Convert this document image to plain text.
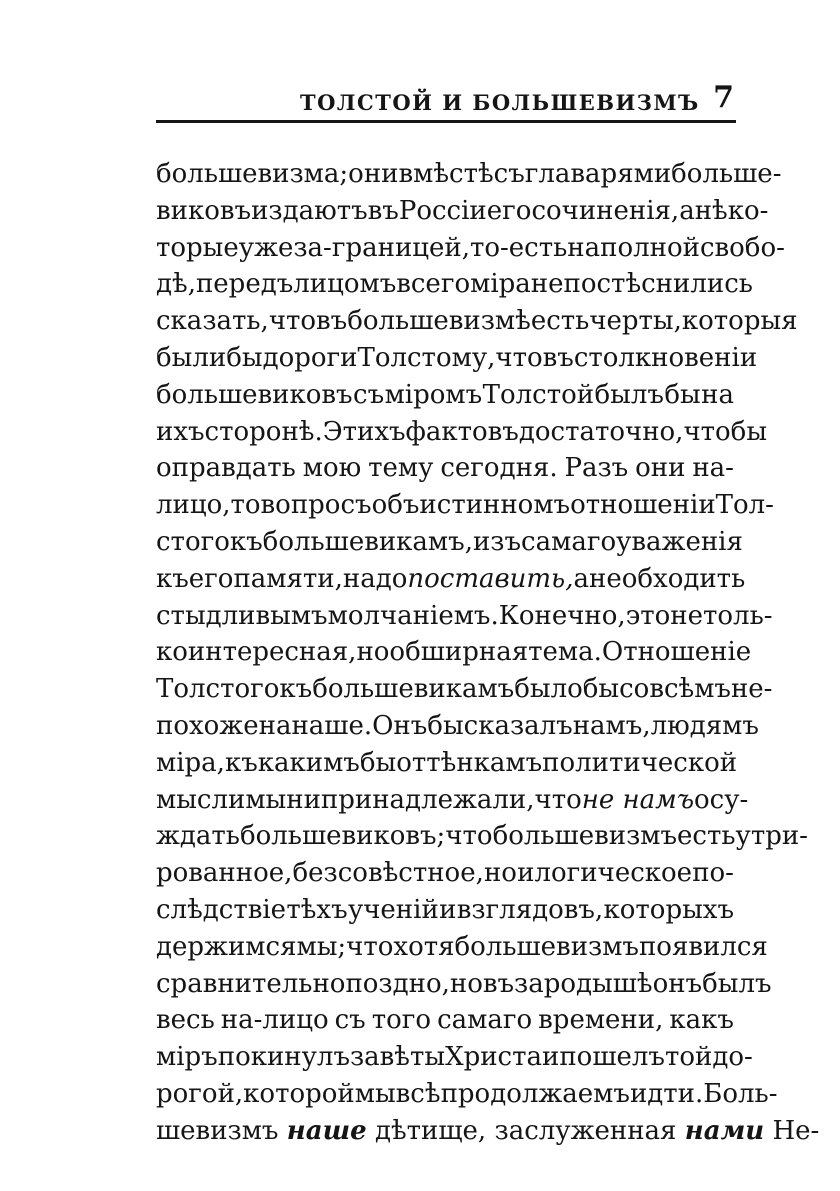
ТОЛСТОЙ И БОЛЬШЕВИЗМЪ 7
большевизма; они вмѣстѣ съ главарями больше-
виковъ издаютъ въ Россіи его сочиненія, а нѣко-
торые уже за-границей, то-есть на полной свобо-
дѣ, передъ лицомъ всего міра не постѣснились
сказать, что въ большевизмѣ есть черты,которыя
были бы дороги Толстому, что въ столкновеніи
большевиковъ съ міромъ Толстой былъ бы на
ихъ сторонѣ. Этихъ фактовъ достаточно, чтобы
оправдать мою тему сегодня. Разъ они на-
лицо, то вопросъ объ истинномъ отношеніи Тол-
стого къ большевикамъ, изъ самаго уваженія
къ его памяти, надо поставить, а не обходить
стыдливымъ молчаніемъ. Конечно, это не толь-
ко интересная, но обширная тема. Отношеніе
Толстого къ большевикамъ было бы совсѣмъ не-
похоже на наше. Онъ бы сказалъ намъ, людямъ
міра, къ какимъ бы оттѣнкамъ политической
мысли мы ни принадлежали, что не намъ осу-
ждать большевиковъ; что большевизмъ есть утри-
рованное, безсовѣстное, но и логическое по-
слѣдствіе тѣхъ ученій и взглядовъ, которыхъ
держимся мы; что хотя большевизмъ появился
сравнительно поздно, но въ зародышѣ онъ былъ
весь на-лицо съ того самаго времени, какъ
міръ покинулъ завѣты Христа и пошелъ той до-
рогой, которой мы всѣ продолжаемъ идти. Боль-
шевизмъ наше дѣтище, заслуженная нами Не-
